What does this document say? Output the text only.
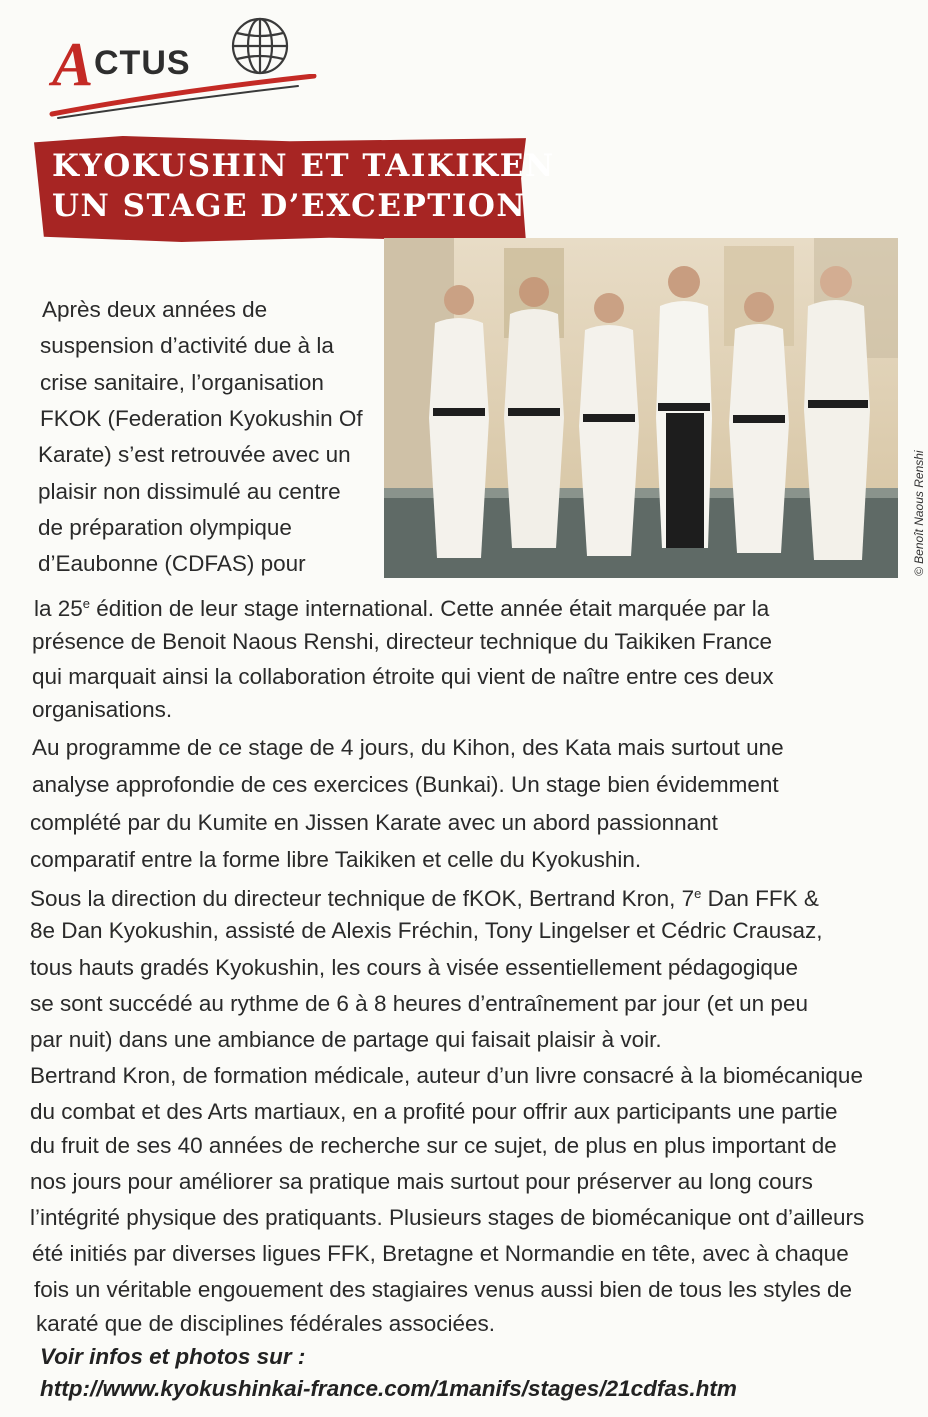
A CTUS
KYOKUSHIN ET TAIKIKEN
UN STAGE D’EXCEPTION
© Benoît Naous Renshi
Après deux années de
suspension d’activité due à la
crise sanitaire, l’organisation
FKOK (Federation Kyokushin Of
Karate) s’est retrouvée avec un
plaisir non dissimulé au centre
de préparation olympique
d’Eaubonne (CDFAS) pour
la 25e édition de leur stage international. Cette année était marquée par la
présence de Benoit Naous Renshi, directeur technique du Taikiken France
qui marquait ainsi la collaboration étroite qui vient de naître entre ces deux
organisations.
Au programme de ce stage de 4 jours, du Kihon, des Kata mais surtout une
analyse approfondie de ces exercices (Bunkai). Un stage bien évidemment
complété par du Kumite en Jissen Karate avec un abord passionnant
comparatif entre la forme libre Taikiken et celle du Kyokushin.
Sous la direction du directeur technique de fKOK, Bertrand Kron, 7e Dan FFK &
8e Dan Kyokushin, assisté de Alexis Fréchin, Tony Lingelser et Cédric Crausaz,
tous hauts gradés Kyokushin, les cours à visée essentiellement pédagogique
se sont succédé au rythme de 6 à 8 heures d’entraînement par jour (et un peu
par nuit) dans une ambiance de partage qui faisait plaisir à voir.
Bertrand Kron, de formation médicale, auteur d’un livre consacré à la biomécanique
du combat et des Arts martiaux, en a profité pour offrir aux participants une partie
du fruit de ses 40 années de recherche sur ce sujet, de plus en plus important de
nos jours pour améliorer sa pratique mais surtout pour préserver au long cours
l’intégrité physique des pratiquants. Plusieurs stages de biomécanique ont d’ailleurs
été initiés par diverses ligues FFK, Bretagne et Normandie en tête, avec à chaque
fois un véritable engouement des stagiaires venus aussi bien de tous les styles de
karaté que de disciplines fédérales associées.
Voir infos et photos sur :
http://www.kyokushinkai-france.com/1manifs/stages/21cdfas.htm
